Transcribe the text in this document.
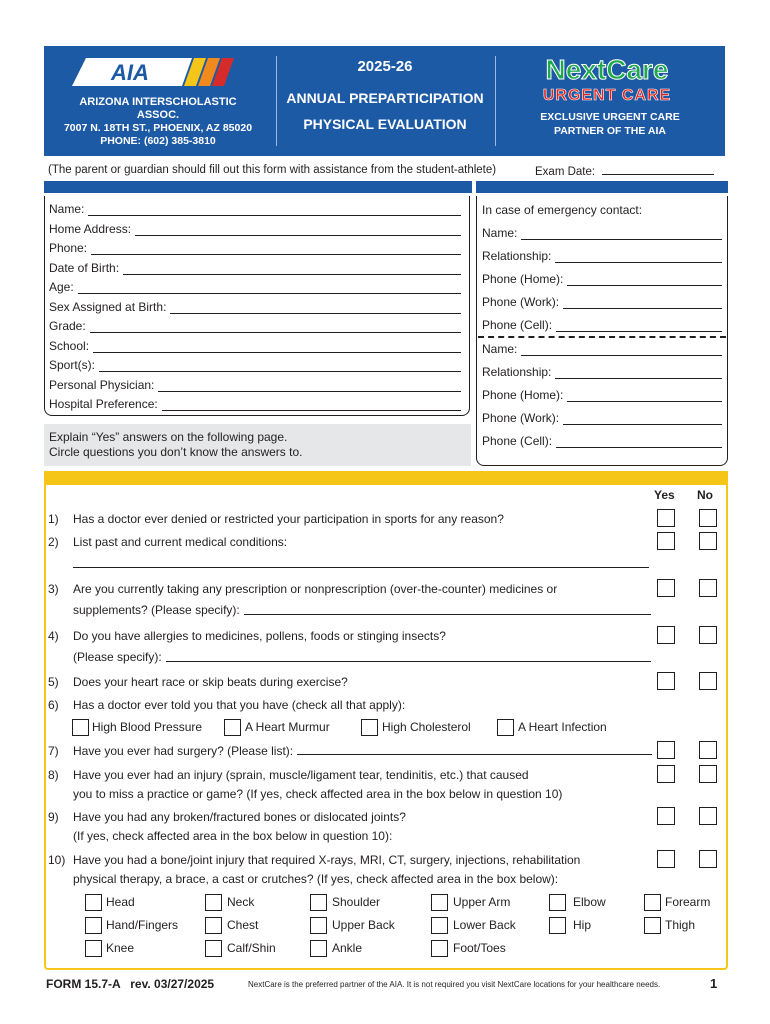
AIA
ARIZONA INTERSCHOLASTIC ASSOC.
7007 N. 18TH ST., PHOENIX, AZ 85020
PHONE: (602) 385-3810
2025-26
ANNUAL PREPARTICIPATION
PHYSICAL EVALUATION
NextCare
URGENT CARE
EXCLUSIVE URGENT CARE
PARTNER OF THE AIA
(The parent or guardian should fill out this form with assistance from the student-athlete)	Exam Date:
Name:
Home Address:
Phone:
Date of Birth:
Age:
Sex Assigned at Birth:
Grade:
School:
Sport(s):
Personal Physician:
Hospital Preference:
Explain “Yes” answers on the following page.
Circle questions you don’t know the answers to.
In case of emergency contact:
Name:
Relationship:
Phone (Home):
Phone (Work):
Phone (Cell):
Name:
Relationship:
Phone (Home):
Phone (Work):
Phone (Cell):
Yes No
1) Has a doctor ever denied or restricted your participation in sports for any reason?
2) List past and current medical conditions:
3) Are you currently taking any prescription or nonprescription (over-the-counter) medicines or
supplements? (Please specify):
4) Do you have allergies to medicines, pollens, foods or stinging insects?
(Please specify):
5) Does your heart race or skip beats during exercise?
6) Has a doctor ever told you that you have (check all that apply):
High Blood Pressure	A Heart Murmur	High Cholesterol	A Heart Infection
7)	Have you ever had surgery? (Please list):
8) Have you ever had an injury (sprain, muscle/ligament tear, tendinitis, etc.) that caused
you to miss a practice or game? (If yes, check affected area in the box below in question 10)
9) Have you had any broken/fractured bones or dislocated joints?
(If yes, check affected area in the box below in question 10):
10) Have you had a bone/joint injury that required X-rays, MRI, CT, surgery, injections, rehabilitation
physical therapy, a brace, a cast or crutches? (If yes, check affected area in the box below):
Head	Neck	Shoulder	Upper Arm	Elbow	Forearm
Hand/Fingers	Chest	Upper Back	Lower Back	Hip	Thigh
Knee	Calf/Shin	Ankle	Foot/Toes
FORM 15.7-A   rev. 03/27/2025	NextCare is the preferred partner of the AIA. It is not required you visit NextCare locations for your healthcare needs.	1
